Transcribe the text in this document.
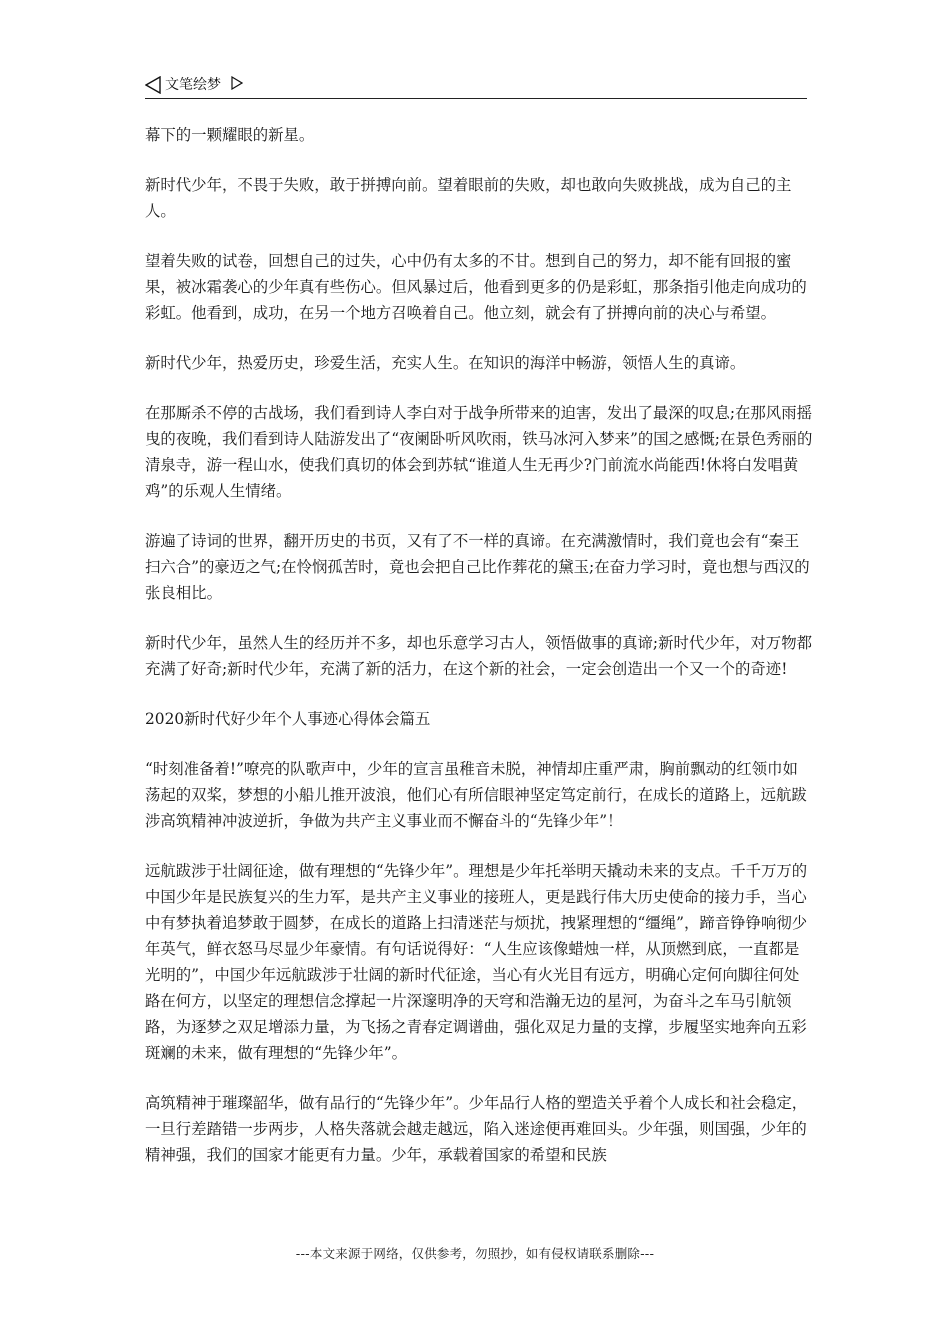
文笔绘梦

幕下的一颗耀眼的新星。

新时代少年，不畏于失败，敢于拼搏向前。望着眼前的失败，却也敢向失败挑战，成为自己的主人。

望着失败的试卷，回想自己的过失，心中仍有太多的不甘。想到自己的努力，却不能有回报的蜜果，被冰霜袭心的少年真有些伤心。但风暴过后，他看到更多的仍是彩虹，那条指引他走向成功的彩虹。他看到，成功，在另一个地方召唤着自己。他立刻，就会有了拼搏向前的决心与希望。

新时代少年，热爱历史，珍爱生活，充实人生。在知识的海洋中畅游，领悟人生的真谛。

在那厮杀不停的古战场，我们看到诗人李白对于战争所带来的迫害，发出了最深的叹息;在那风雨摇曳的夜晚，我们看到诗人陆游发出了“夜阑卧听风吹雨，铁马冰河入梦来”的国之感慨;在景色秀丽的清泉寺，游一程山水，使我们真切的体会到苏轼“谁道人生无再少?门前流水尚能西!休将白发唱黄鸡”的乐观人生情绪。

游遍了诗词的世界，翻开历史的书页，又有了不一样的真谛。在充满激情时，我们竟也会有“秦王扫六合”的豪迈之气;在怜悯孤苦时，竟也会把自己比作葬花的黛玉;在奋力学习时，竟也想与西汉的张良相比。

新时代少年，虽然人生的经历并不多，却也乐意学习古人，领悟做事的真谛;新时代少年，对万物都充满了好奇;新时代少年，充满了新的活力，在这个新的社会，一定会创造出一个又一个的奇迹!

2020新时代好少年个人事迹心得体会篇五

“时刻准备着!”嘹亮的队歌声中，少年的宣言虽稚音未脱，神情却庄重严肃，胸前飘动的红领巾如荡起的双桨，梦想的小船儿推开波浪，他们心有所信眼神坚定笃定前行，在成长的道路上，远航跋涉高筑精神冲波逆折，争做为共产主义事业而不懈奋斗的“先锋少年”！

远航跋涉于壮阔征途，做有理想的“先锋少年”。理想是少年托举明天撬动未来的支点。千千万万的中国少年是民族复兴的生力军，是共产主义事业的接班人，更是践行伟大历史使命的接力手，当心中有梦执着追梦敢于圆梦，在成长的道路上扫清迷茫与烦扰，拽紧理想的“缰绳”，蹄音铮铮响彻少年英气，鲜衣怒马尽显少年豪情。有句话说得好：“人生应该像蜡烛一样，从顶燃到底，一直都是光明的”，中国少年远航跋涉于壮阔的新时代征途，当心有火光目有远方，明确心定何向脚往何处路在何方，以坚定的理想信念撑起一片深邃明净的天穹和浩瀚无边的星河，为奋斗之车马引航领路，为逐梦之双足增添力量，为飞扬之青春定调谱曲，强化双足力量的支撑，步履坚实地奔向五彩斑斓的未来，做有理想的“先锋少年”。

高筑精神于璀璨韶华，做有品行的“先锋少年”。少年品行人格的塑造关乎着个人成长和社会稳定，一旦行差踏错一步两步，人格失落就会越走越远，陷入迷途便再难回头。少年强，则国强，少年的精神强，我们的国家才能更有力量。少年，承载着国家的希望和民族

---本文来源于网络，仅供参考，勿照抄，如有侵权请联系删除---
